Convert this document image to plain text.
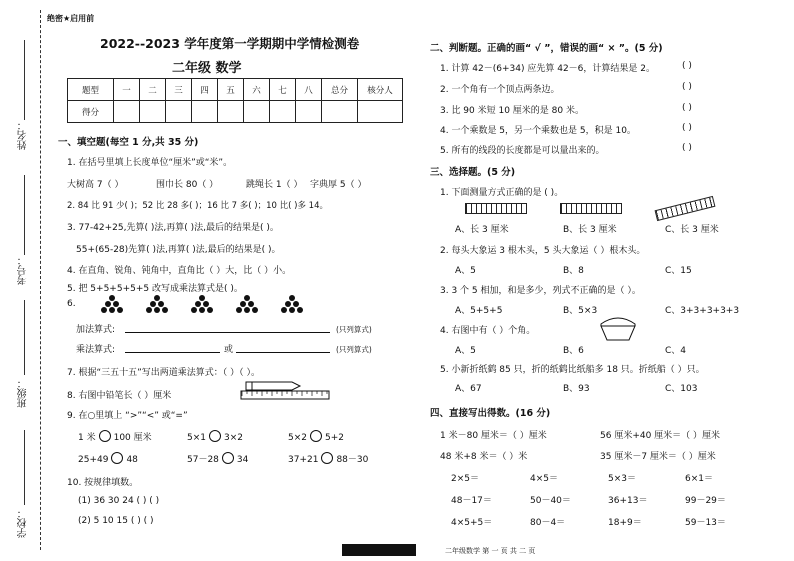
姓名：
考号：
班级：
学校：
绝密★启用前
2022--2023 学年度第一学期期中学情检测卷
二年级 数学
题型	一	二	三	四	五	六	七	八	总分	核分人
得分										
一、填空题(每空 1 分,共 35 分)
1. 在括号里填上长度单位“厘米”或“米”。
大树高 7（ ）	围巾长 80（ ）	跳绳长 1（ ） 字典厚 5（ ）
2. 84 比 91 少( )；52 比 28 多( )；16 比 7 多( )；10 比( )多 14。
3. 77-42+25,先算( )法,再算( )法,最后的结果是( )。
55+(65-28)先算( )法,再算( )法,最后的结果是( )。
4. 在直角、锐角、钝角中，直角比（ ）大，比（ ）小。
5. 把 5+5+5+5+5 改写成乘法算式是( )。
6.
加法算式:	(只列算式)
乘法算式:	或	(只列算式)
7. 根据“三五十五”写出两道乘法算式：（ ）（ ）。
8. 右图中铅笔长（ ）厘米
9. 在○里填上 “>”“<” 或“=”
1 米 100 厘米	5×1 3×2	5×2 5+2
25+49 48	57－28 34	37+21 88－30
10. 按规律填数。
(1) 36 30 24 ( ) ( )
(2) 5 10 15 ( ) ( )
二、判断题。正确的画“ √ ”，错误的画“ × ”。(5 分)
1. 计算 42－(6+34) 应先算 42－6，计算结果是 2。
2. 一个角有一个顶点两条边。
3. 比 90 米短 10 厘米的是 80 米。
4. 一个乘数是 5，另一个乘数也是 5，积是 10。
5. 所有的线段的长度都是可以量出来的。
( )
( )
( )
( )
( )
三、选择题。(5 分)
1. 下面测量方式正确的是 ( )。
A、长 3 厘米	B、长 3 厘米	C、长 3 厘米
2. 每头大象运 3 根木头，5 头大象运（ ）根木头。
A、5	B、8	C、15
3. 3 个 5 相加，和是多少，列式不正确的是（ ）。
A、5+5+5	B、5×3	C、3+3+3+3+3
4. 右图中有（ ）个角。
A、5	B、6	C、4
5. 小新折纸鹤 85 只，折的纸鹤比纸船多 18 只。折纸船（ ）只。
A、67	B、93	C、103
四、直接写出得数。(16 分)
1 米－80 厘米＝（ ）厘米	56 厘米+40 厘米＝（ ）厘米
48 米+8 米＝（ ）米	35 厘米－7 厘米＝（ ）厘米
2×5＝	4×5＝	5×3＝	6×1＝
48－17＝	50－40＝	36+13＝	99－29＝
4×5+5＝	80－4＝	18+9＝	59－13＝
二年级数学 第 一 页 共 二 页
